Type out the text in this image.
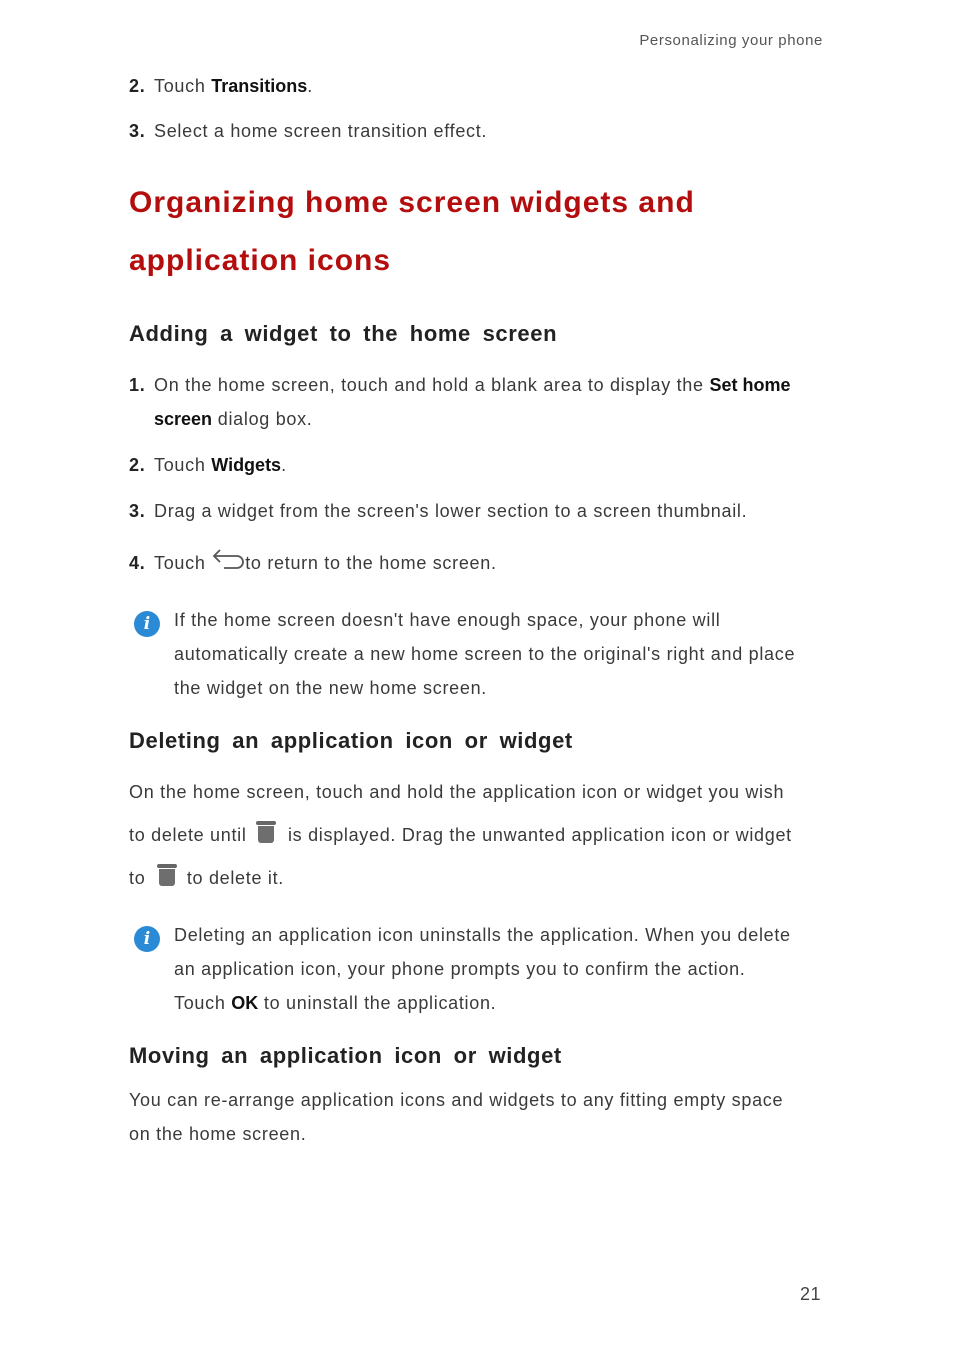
Personalizing your phone
2. Touch Transitions.
3. Select a home screen transition effect.
Organizing home screen widgets and
application icons
Adding a widget to the home screen
1. On the home screen, touch and hold a blank area to display the Set home
screen dialog box.
2. Touch Widgets.
3. Drag a widget from the screen's lower section to a screen thumbnail.
4. Touch to return to the home screen.
i	If the home screen doesn't have enough space, your phone will
automatically create a new home screen to the original's right and place
the widget on the new home screen.
Deleting an application icon or widget
On the home screen, touch and hold the application icon or widget you wish
to delete until
is displayed. Drag the unwanted application icon or widget
to
to delete it.
i	Deleting an application icon uninstalls the application. When you delete
an application icon, your phone prompts you to confirm the action.
Touch OK to uninstall the application.
Moving an application icon or widget
You can re-arrange application icons and widgets to any fitting empty space
on the home screen.
21
